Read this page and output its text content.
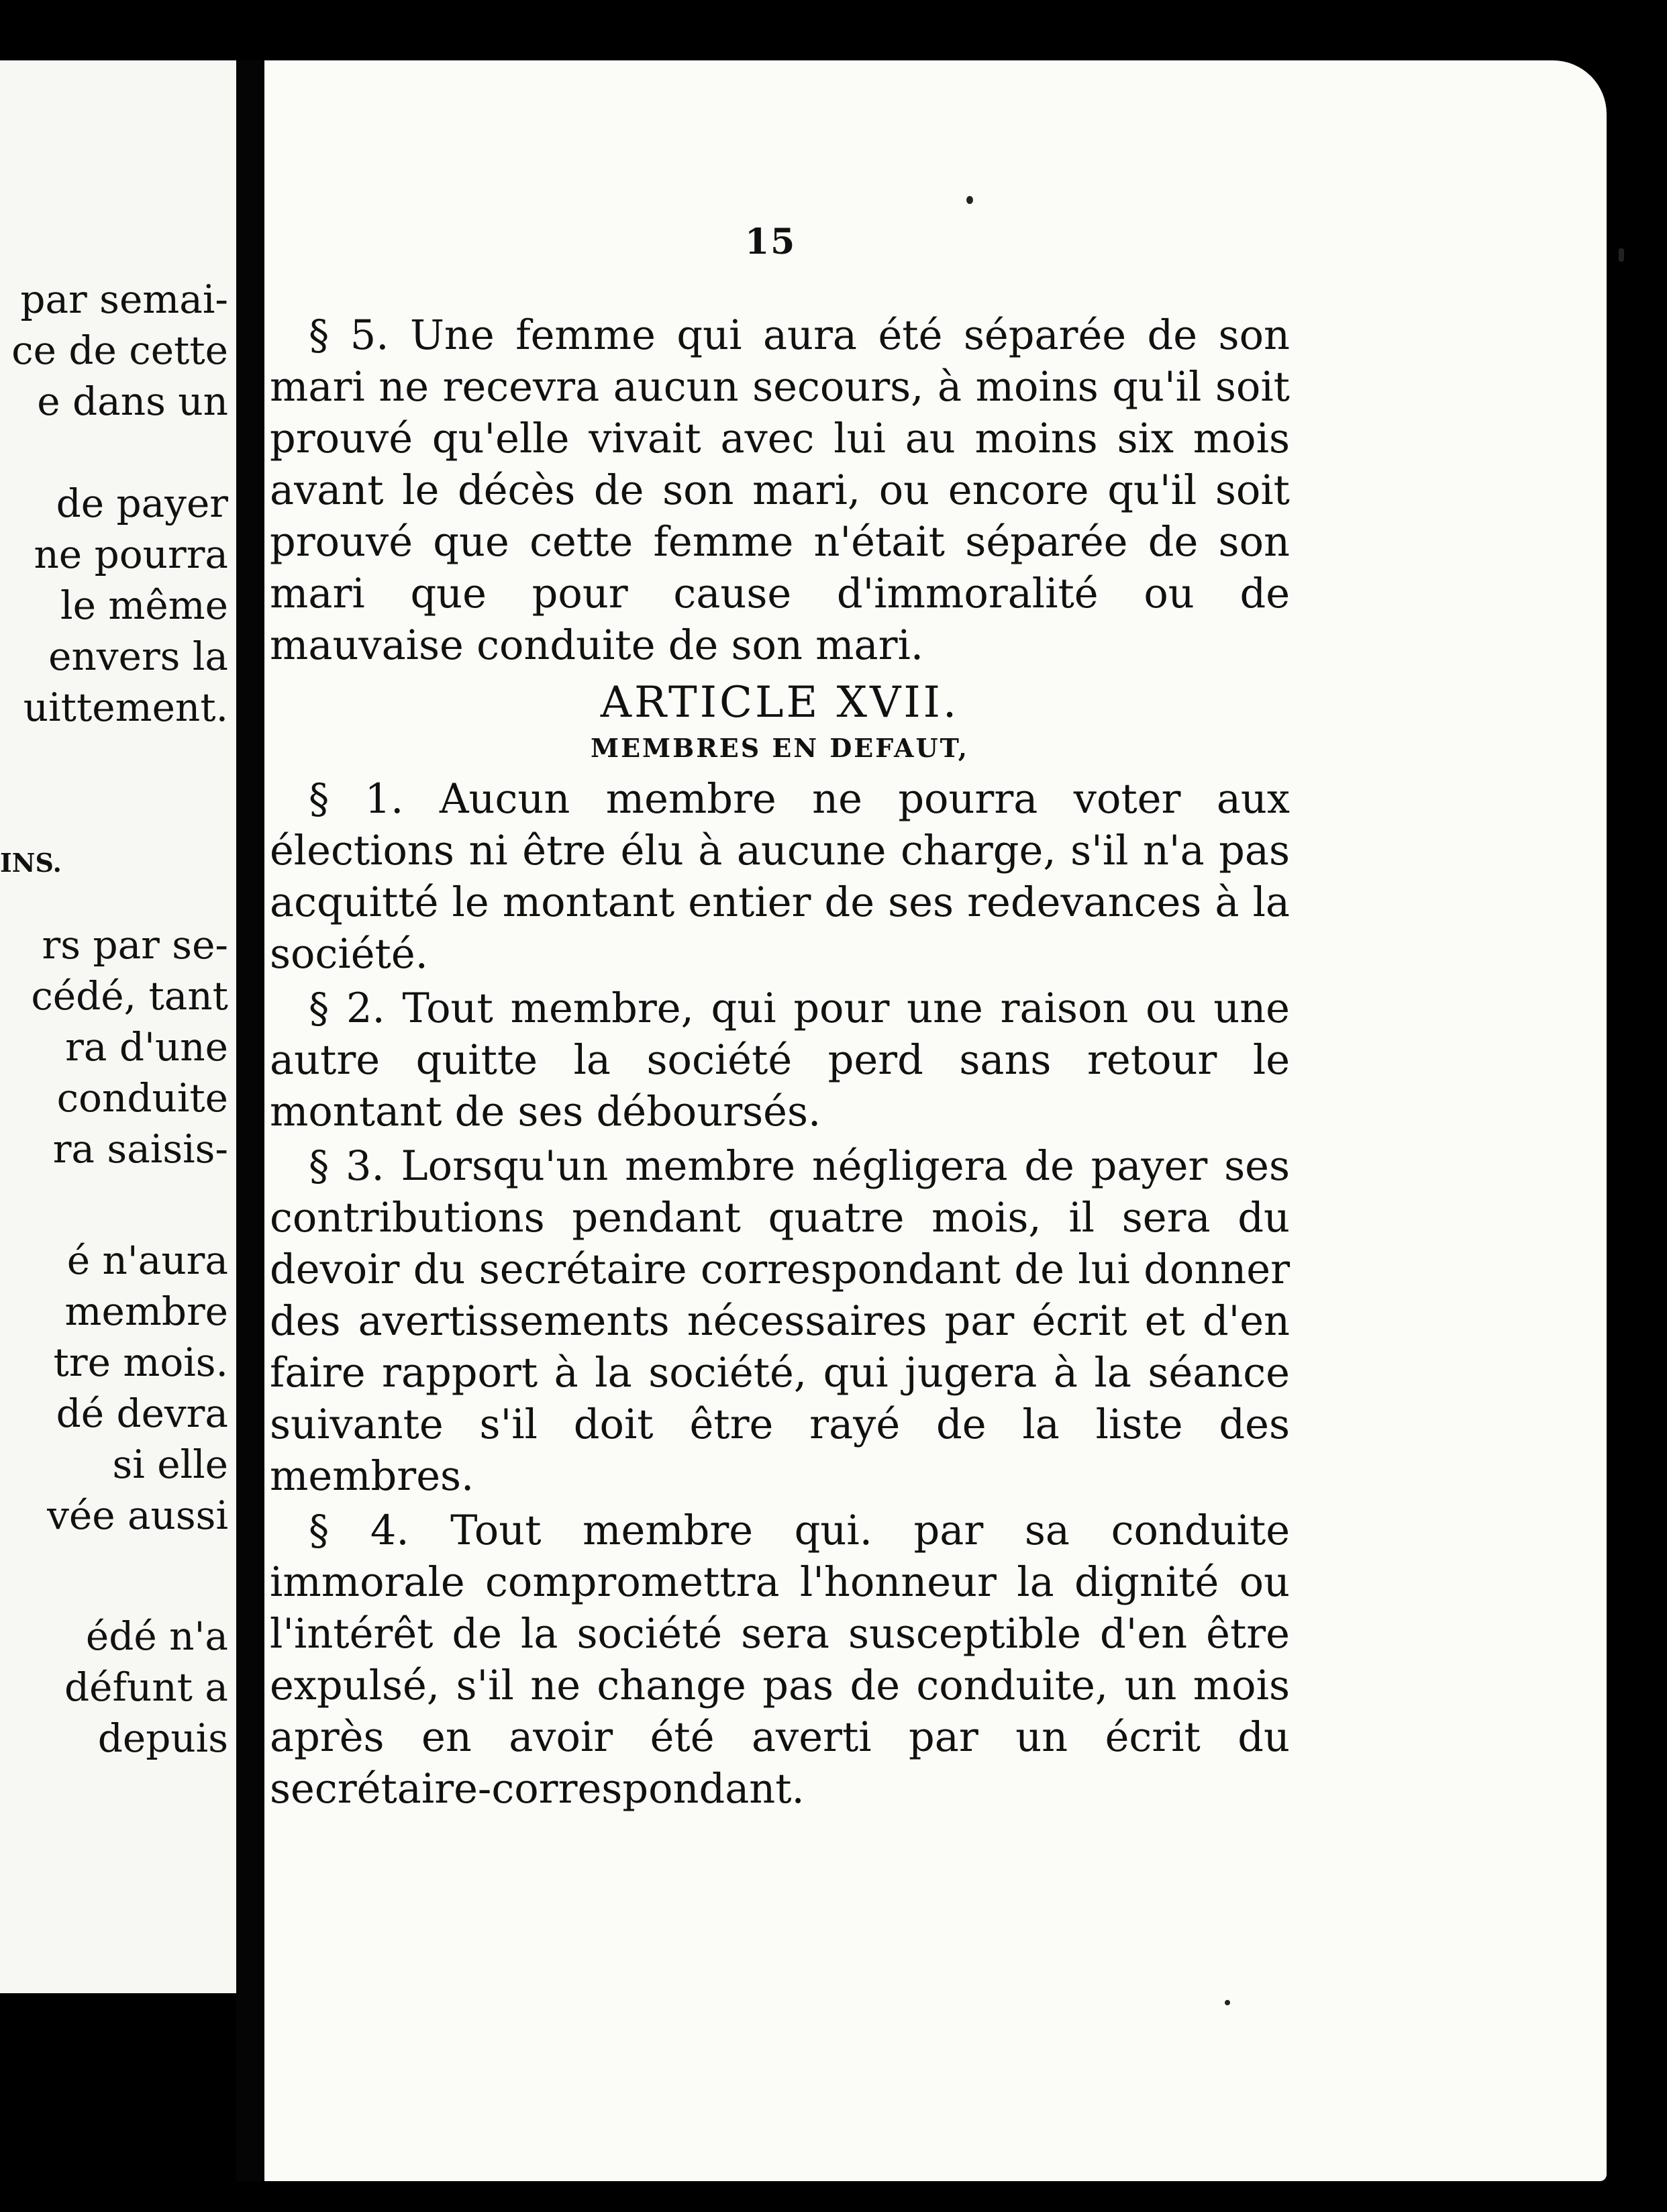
par semai-
ce de cette
e dans un
de payer
ne pourra
le même
envers la
uittement.
INS.
rs par se-
cédé, tant
ra d'une
conduite
ra saisis-
é n'aura
membre
tre mois.
dé devra
si elle
vée aussi
édé n'a
défunt a
depuis
15

§ 5. Une femme qui aura été séparée de son mari ne recevra aucun secours, à moins qu'il soit prouvé qu'elle vivait avec lui au moins six mois avant le décès de son mari, ou encore qu'il soit prouvé que cette femme n'était séparée de son mari que pour cause d'immoralité ou de mauvaise conduite de son mari.

ARTICLE XVII.
MEMBRES EN DEFAUT,

§ 1. Aucun membre ne pourra voter aux élections ni être élu à aucune charge, s'il n'a pas acquitté le montant entier de ses redevances à la société.

§ 2. Tout membre, qui pour une raison ou une autre quitte la société perd sans retour le montant de ses déboursés.

§ 3. Lorsqu'un membre négligera de payer ses contributions pendant quatre mois, il sera du devoir du secrétaire correspondant de lui donner des avertissements nécessaires par écrit et d'en faire rapport à la société, qui jugera à la séance suivante s'il doit être rayé de la liste des membres.

§ 4. Tout membre qui. par sa conduite immorale compromettra l'honneur la dignité ou l'intérêt de la société sera susceptible d'en être expulsé, s'il ne change pas de conduite, un mois après en avoir été averti par un écrit du secrétaire-correspondant.
